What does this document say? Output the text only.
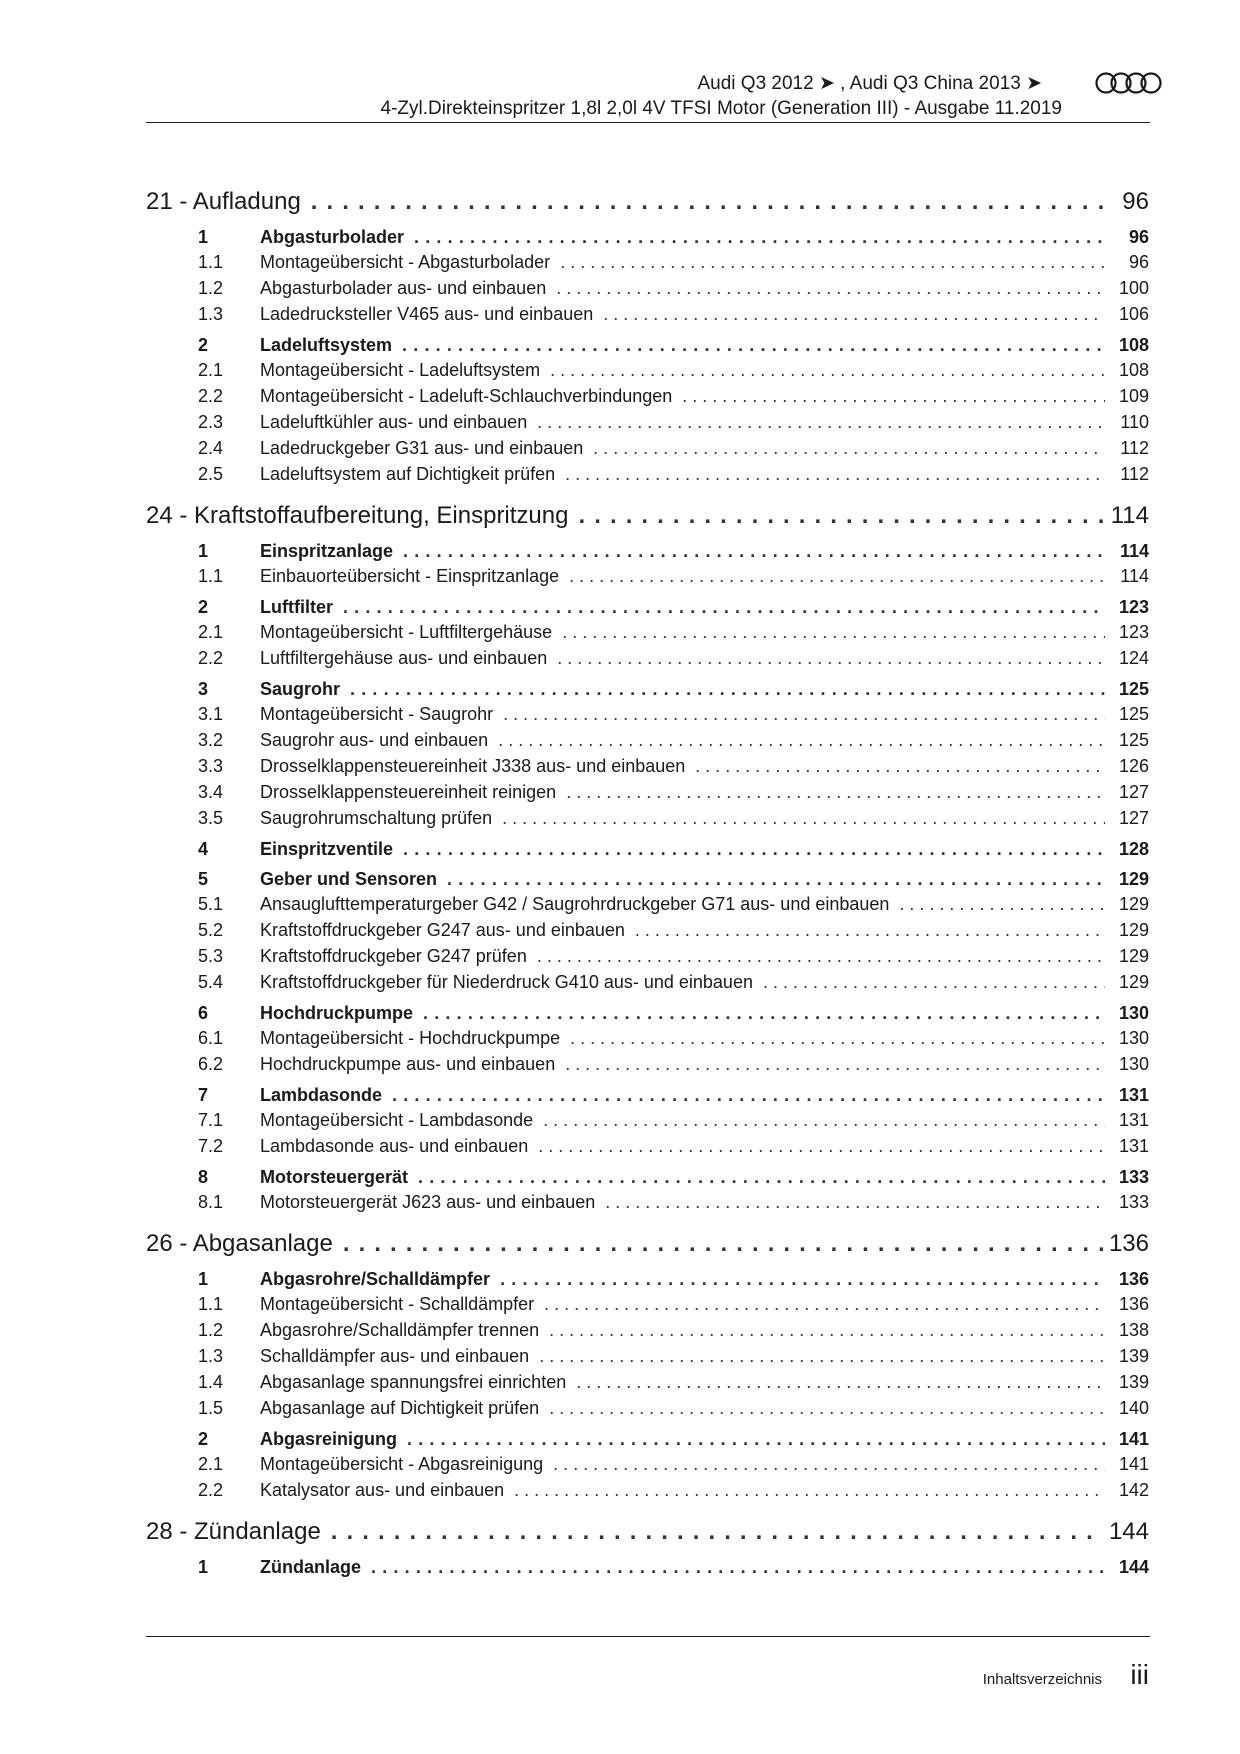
Audi Q3 2012 ➤ , Audi Q3 China 2013 ➤
4-Zyl.Direkteinspritzer 1,8l 2,0l 4V TFSI Motor (Generation III) - Ausgabe 11.2019
21 - Aufladung . . .	96
1	Abgasturbolader . . .	96
1.1	Montageübersicht - Abgasturbolader . . .	96
1.2	Abgasturbolader aus- und einbauen . . .	100
1.3	Ladedrucksteller V465 aus- und einbauen . . .	106
2	Ladeluftsystem . . .	108
2.1	Montageübersicht - Ladeluftsystem . . .	108
2.2	Montageübersicht - Ladeluft-Schlauchverbindungen . . .	109
2.3	Ladeluftkühler aus- und einbauen . . .	110
2.4	Ladedruckgeber G31 aus- und einbauen . . .	112
2.5	Ladeluftsystem auf Dichtigkeit prüfen . . .	112
24 - Kraftstoffaufbereitung, Einspritzung . . .	114
1	Einspritzanlage . . .	114
1.1	Einbauorteübersicht - Einspritzanlage . . .	114
2	Luftfilter . . .	123
2.1	Montageübersicht - Luftfiltergehäuse . . .	123
2.2	Luftfiltergehäuse aus- und einbauen . . .	124
3	Saugrohr . . .	125
3.1	Montageübersicht - Saugrohr . . .	125
3.2	Saugrohr aus- und einbauen . . .	125
3.3	Drosselklappensteuereinheit J338 aus- und einbauen . . .	126
3.4	Drosselklappensteuereinheit reinigen . . .	127
3.5	Saugrohrumschaltung prüfen . . .	127
4	Einspritzventile . . .	128
5	Geber und Sensoren . . .	129
5.1	Ansauglufttemperaturgeber G42 / Saugrohrdruckgeber G71 aus- und einbauen . . .	129
5.2	Kraftstoffdruckgeber G247 aus- und einbauen . . .	129
5.3	Kraftstoffdruckgeber G247 prüfen . . .	129
5.4	Kraftstoffdruckgeber für Niederdruck G410 aus- und einbauen . . .	129
6	Hochdruckpumpe . . .	130
6.1	Montageübersicht - Hochdruckpumpe . . .	130
6.2	Hochdruckpumpe aus- und einbauen . . .	130
7	Lambdasonde . . .	131
7.1	Montageübersicht - Lambdasonde . . .	131
7.2	Lambdasonde aus- und einbauen . . .	131
8	Motorsteuergerät . . .	133
8.1	Motorsteuergerät J623 aus- und einbauen . . .	133
26 - Abgasanlage . . .	136
1	Abgasrohre/Schalldämpfer . . .	136
1.1	Montageübersicht - Schalldämpfer . . .	136
1.2	Abgasrohre/Schalldämpfer trennen . . .	138
1.3	Schalldämpfer aus- und einbauen . . .	139
1.4	Abgasanlage spannungsfrei einrichten . . .	139
1.5	Abgasanlage auf Dichtigkeit prüfen . . .	140
2	Abgasreinigung . . .	141
2.1	Montageübersicht - Abgasreinigung . . .	141
2.2	Katalysator aus- und einbauen . . .	142
28 - Zündanlage . . .	144
1	Zündanlage . . .	144
Inhaltsverzeichnis iii
